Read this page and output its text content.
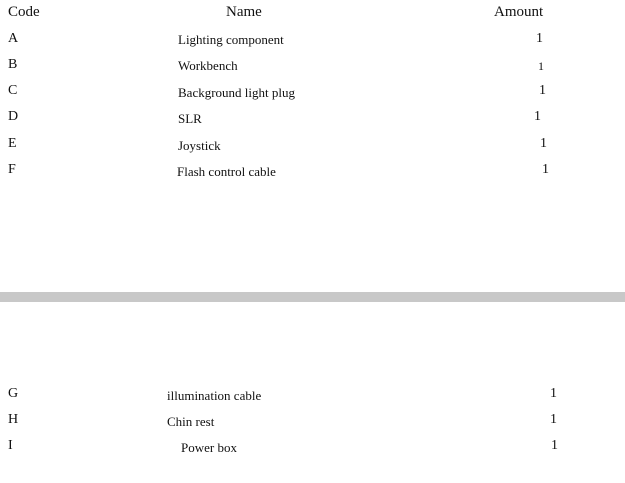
Code	Name	Amount
A	Lighting component	1
B	Workbench	1
C	Background light plug	1
D	SLR	1
E	Joystick	1
F	Flash control cable	1
G	illumination cable	1
H	Chin rest	1
I	Power box	1
